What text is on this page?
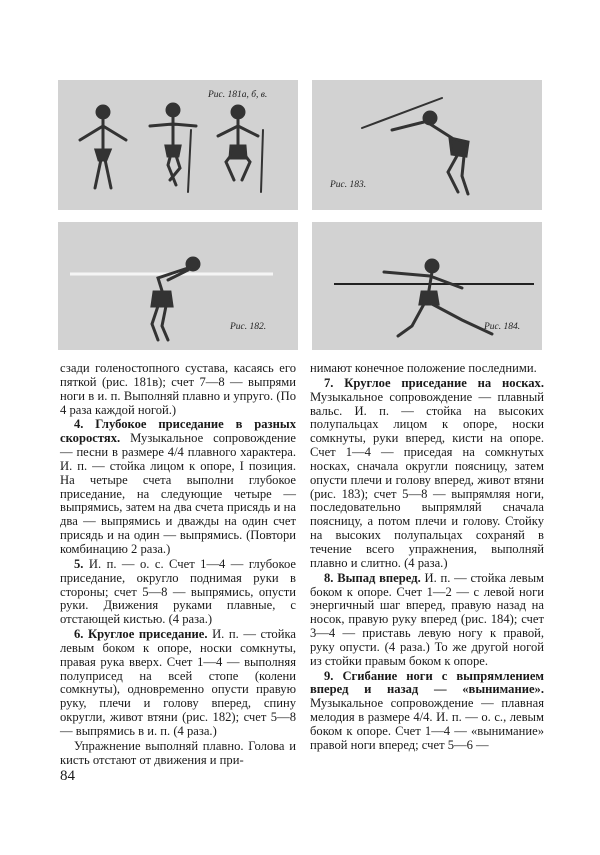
Рис. 181а, б, в.
Рис. 183.
Рис. 182.	Рис. 184.

сзади голеностопного сустава, касаясь его пяткой (рис. 181в); счет 7—8 — выпрями ноги в и. п. Выполняй плавно и упруго. (По 4 раза каждой ногой.)

4. Глубокое приседание в разных скоростях. Музыкальное сопровождение — песни в размере 4/4 плавного характера. И. п. — стойка лицом к опоре, I позиция. На четыре счета выполни глубокое приседание, на следующие четыре — выпрямись, затем на два счета присядь и на два — выпрямись и дважды на один счет присядь и на один — выпрямись. (Повтори комбинацию 2 раза.)

5. И. п. — о. с. Счет 1—4 — глубокое приседание, округло поднимая руки в стороны; счет 5—8 — выпрямись, опусти руки. Движения руками плавные, с отстающей кистью. (4 раза.)

6. Круглое приседание. И. п. — стойка левым боком к опоре, носки сомкнуты, правая рука вверх. Счет 1—4 — выполняя полуприсед на всей стопе (колени сомкнуты), одновременно опусти правую руку, плечи и голову вперед, спину округли, живот втяни (рис. 182); счет 5—8 — выпрямись в и. п. (4 раза.)

Упражнение выполняй плавно. Голова и кисть отстают от движения и при-

нимают конечное положение последними.

7. Круглое приседание на носках. Музыкальное сопровождение — плавный вальс. И. п. — стойка на высоких полупальцах лицом к опоре, носки сомкнуты, руки вперед, кисти на опоре. Счет 1—4 — приседая на сомкнутых носках, сначала округли поясницу, затем опусти плечи и голову вперед, живот втяни (рис. 183); счет 5—8 — выпрямляя ноги, последовательно выпрямляй сначала поясницу, а потом плечи и голову. Стойку на высоких полупальцах сохраняй в течение всего упражнения, выполняй плавно и слитно. (4 раза.)

8. Выпад вперед. И. п. — стойка левым боком к опоре. Счет 1—2 — с левой ноги энергичный шаг вперед, правую назад на носок, правую руку вперед (рис. 184); счет 3—4 — приставь левую ногу к правой, руку опусти. (4 раза.) То же другой ногой из стойки правым боком к опоре.

9. Сгибание ноги с выпрямлением вперед и назад — «вынимание». Музыкальное сопровождение — плавная мелодия в размере 4/4. И. п. — о. с., левым боком к опоре. Счет 1—4 — «вынимание» правой ноги вперед; счет 5—6 —

84
